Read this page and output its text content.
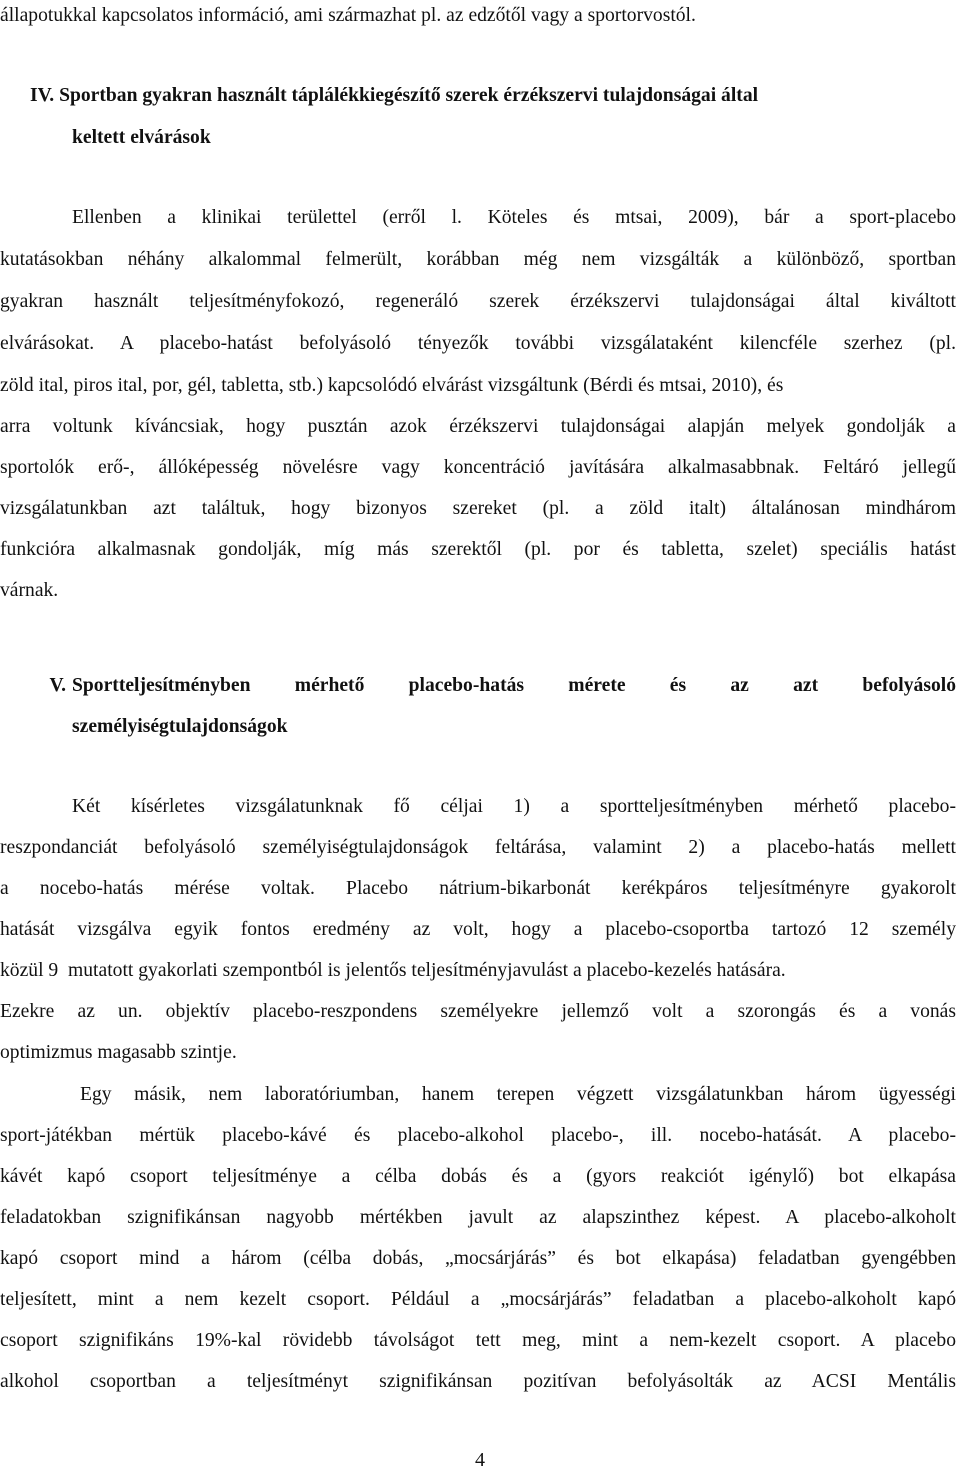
állapotukkal kapcsolatos információ, ami származhat pl. az edzőtől vagy a sportorvostól.

IV. Sportban gyakran használt táplálékkiegészítő szerek érzékszervi tulajdonságai által

keltett elvárások

Ellenben a klinikai területtel (erről l. Köteles és mtsai, 2009), bár a sport-placebo

kutatásokban néhány alkalommal felmerült, korábban még nem vizsgálták a különböző, sportban

gyakran használt teljesítményfokozó, regeneráló szerek érzékszervi tulajdonságai által kiváltott

elvárásokat. A placebo-hatást befolyásoló tényezők további vizsgálataként kilencféle szerhez (pl.

zöld ital, piros ital, por, gél, tabletta, stb.) kapcsolódó elvárást vizsgáltunk (Bérdi és mtsai, 2010), és

arra voltunk kíváncsiak, hogy pusztán azok érzékszervi tulajdonságai alapján melyek gondolják a

sportolók erő-, állóképesség növelésre vagy koncentráció javítására alkalmasabbnak. Feltáró jellegű

vizsgálatunkban azt találtuk, hogy bizonyos szereket (pl. a zöld italt) általánosan mindhárom

funkcióra alkalmasnak gondolják, míg más szerektől (pl. por és tabletta, szelet) speciális hatást

várnak.

V. Sportteljesítményben mérhető placebo-hatás mérete és az azt befolyásoló

személyiségtulajdonságok

Két kísérletes vizsgálatunknak fő céljai 1) a sportteljesítményben mérhető placebo-

reszpondanciát befolyásoló személyiségtulajdonságok feltárása, valamint 2) a placebo-hatás mellett

a nocebo-hatás mérése voltak. Placebo nátrium-bikarbonát kerékpáros teljesítményre gyakorolt

hatását vizsgálva egyik fontos eredmény az volt, hogy a placebo-csoportba tartozó 12 személy

közül 9  mutatott gyakorlati szempontból is jelentős teljesítményjavulást a placebo-kezelés hatására.

Ezekre az un. objektív placebo-reszpondens személyekre jellemző volt a szorongás és a vonás

optimizmus magasabb szintje.

Egy másik, nem laboratóriumban, hanem terepen végzett vizsgálatunkban három ügyességi

sport-játékban mértük placebo-kávé és placebo-alkohol placebo-, ill. nocebo-hatását. A placebo-

kávét kapó csoport teljesítménye a célba dobás és a (gyors reakciót igénylő) bot elkapása

feladatokban szignifikánsan nagyobb mértékben javult az alapszinthez képest. A placebo-alkoholt

kapó csoport mind a három (célba dobás, „mocsárjárás” és bot elkapása) feladatban gyengébben

teljesített, mint a nem kezelt csoport. Például a „mocsárjárás” feladatban a placebo-alkoholt kapó

csoport szignifikáns 19%-kal rövidebb távolságot tett meg, mint a nem-kezelt csoport. A placebo

alkohol csoportban a teljesítményt szignifikánsan pozitívan befolyásolták az ACSI Mentális

4
